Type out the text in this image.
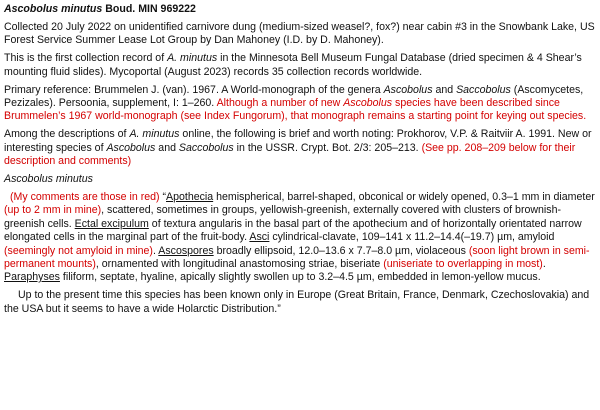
Ascobolus minutus Boud. MIN 969222

Collected 20 July 2022 on unidentified carnivore dung (medium-sized weasel?, fox?) near cabin #3 in the Snowbank Lake, US Forest Service Summer Lease Lot Group by Dan Mahoney (I.D. by D. Mahoney).

This is the first collection record of A. minutus in the Minnesota Bell Museum Fungal Database (dried specimen & 4 Shear’s mounting fluid slides). Mycoportal (August 2023) records 35 collection records worldwide.

Primary reference: Brummelen J. (van). 1967. A World-monograph of the genera Ascobolus and Saccobolus (Ascomycetes, Pezizales). Persoonia, supplement, I: 1–260. Although a number of new Ascobolus species have been described since Brummelen’s 1967 world-monograph (see Index Fungorum), that monograph remains a starting point for keying out species.

Among the descriptions of A. minutus online, the following is brief and worth noting: Prokhorov, V.P. & Raitviir A. 1991. New or interesting species of Ascobolus and Saccobolus in the USSR. Crypt. Bot. 2/3: 205–213. (See pp. 208–209 below for their description and comments)

Ascobolus minutus

(My comments are those in red) “Apothecia hemispherical, barrel-shaped, obconical or widely opened, 0.3–1 mm in diameter (up to 2 mm in mine), scattered, sometimes in groups, yellowish-greenish, externally covered with clusters of brownish-greenish cells. Ectal excipulum of textura angularis in the basal part of the apothecium and of horizontally orientated narrow elongated cells in the marginal part of the fruit-body. Asci cylindrical-clavate, 109–141 x 11.2–14.4(–19.7) µm, amyloid (seemingly not amyloid in mine). Ascospores broadly ellipsoid, 12.0–13.6 x 7.7–8.0 µm, violaceous (soon light brown in semi-permanent mounts), ornamented with longitudinal anastomosing striae, biseriate (uniseriate to overlapping in most). Paraphyses filiform, septate, hyaline, apically slightly swollen up to 3.2–4.5 µm, embedded in lemon-yellow mucus.

Up to the present time this species has been known only in Europe (Great Britain, France, Denmark, Czechoslovakia) and the USA but it seems to have a wide Holarctic Distribution.”
